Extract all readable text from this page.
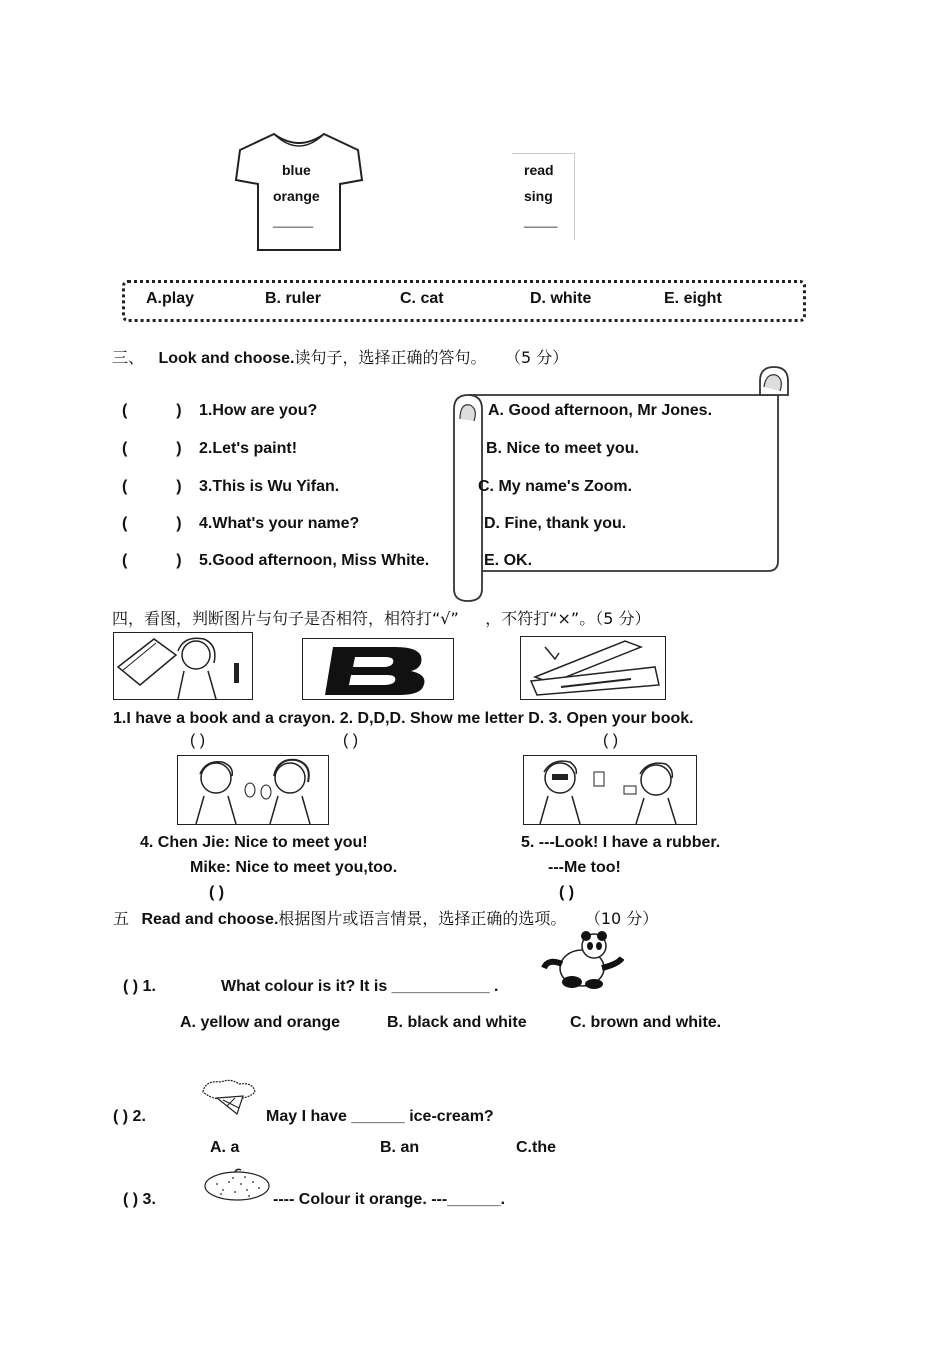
blue
orange
______
read
sing
_____
A.play	B. ruler	C. cat	D. white	E. eight
三、 Look and choose.读句子，选择正确的答句。 （5 分）
(           ) 1.How are you?
(           ) 2.Let's paint!
(           ) 3.This is Wu Yifan.
(           ) 4.What's your name?
(           ) 5.Good afternoon, Miss White.
A. Good afternoon, Mr Jones.
B. Nice to meet you.
C. My name's Zoom.
D. Fine, thank you.
E. OK.
四，看图，判断图片与句子是否相符，相符打“√” ，不符打“×”。（5 分）
1.I have a book and a crayon. 2. D,D,D. Show me letter D. 3. Open your book.
( )	( )	( )
4. Chen Jie: Nice to meet you!
Mike: Nice to meet you,too.
5. ---Look! I have a rubber.
---Me too!
( )	( )
五 Read and choose.根据图片或语言情景，选择正确的选项。 （10 分）
( ) 1.	What colour is it? It is ___________ .
A. yellow and orange	B. black and white	C. brown and white.
( ) 2.	May I have ______ ice-cream?
A. a	B. an	C.the
( ) 3.	---- Colour it orange. ---______.
